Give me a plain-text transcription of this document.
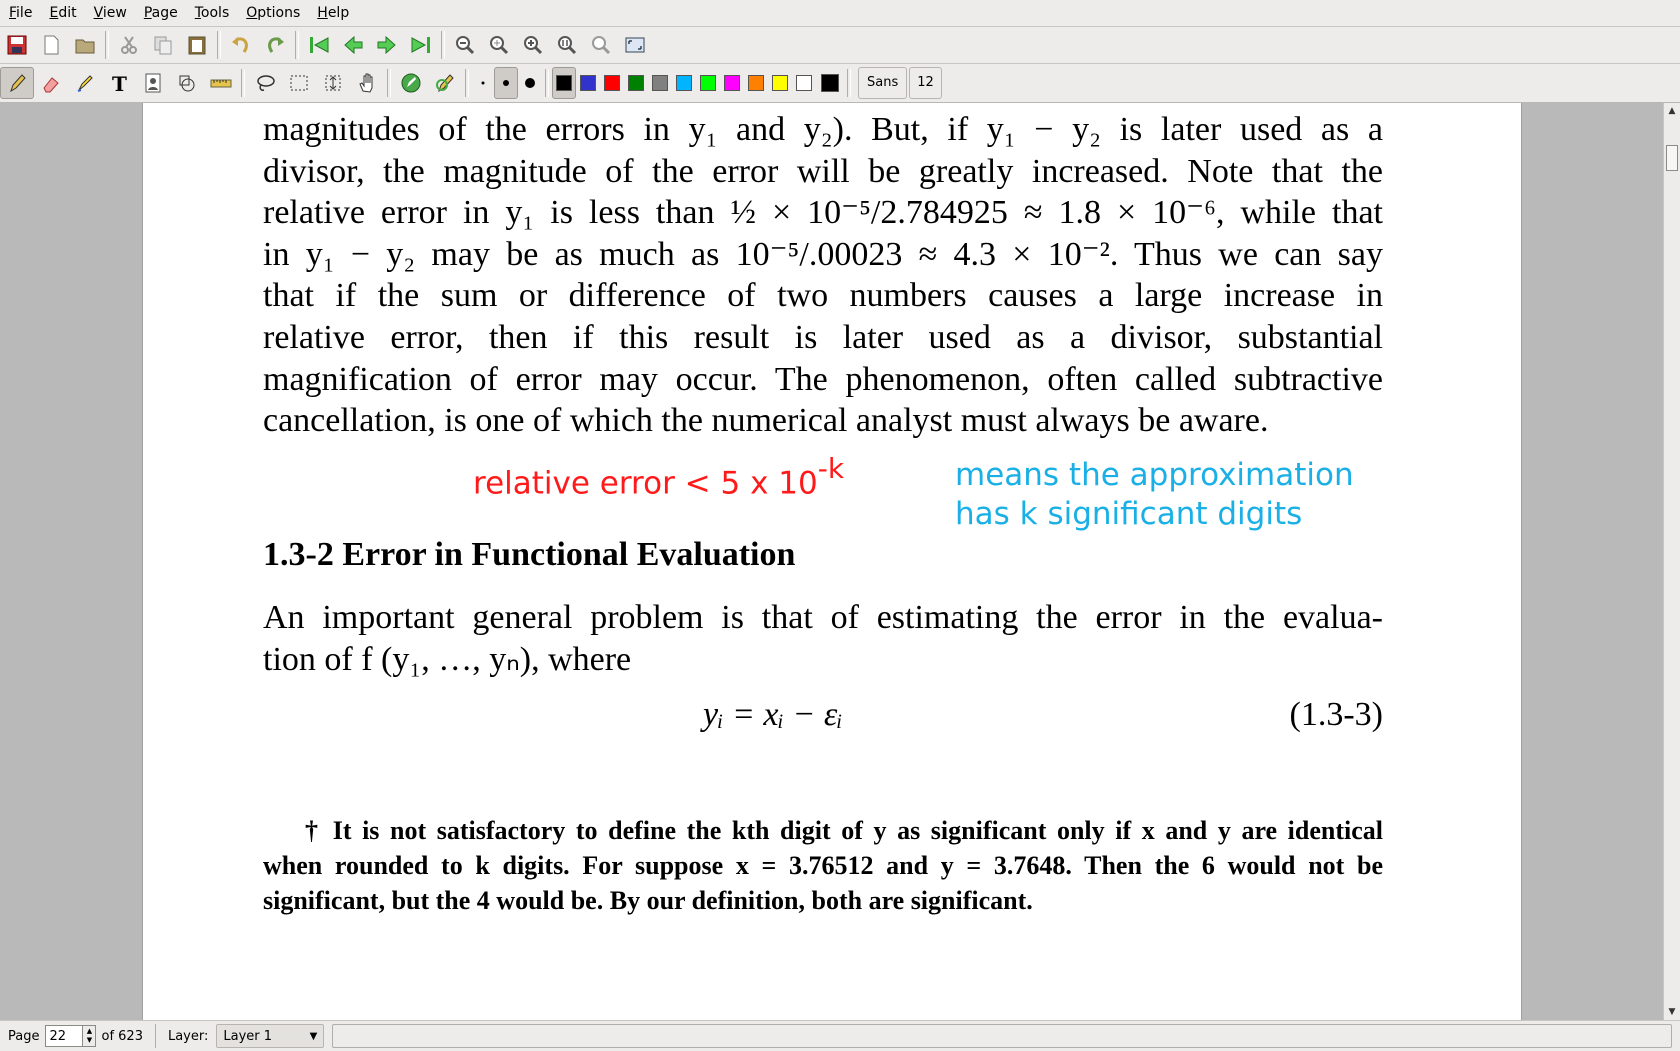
File	Edit	View	Page	Tools	Options	Help
T	Sans	12
magnitudes of the errors in y₁ and y₂). But, if y₁ − y₂ is later used as a
divisor, the magnitude of the error will be greatly increased. Note that the
relative error in y₁ is less than ½ × 10⁻⁵/2.784925 ≈ 1.8 × 10⁻⁶, while that
in y₁ − y₂ may be as much as 10⁻⁵/.00023 ≈ 4.3 × 10⁻². Thus we can say
that if the sum or difference of two numbers causes a large increase in
relative error, then if this result is later used as a divisor, substantial
magnification of error may occur. The phenomenon, often called subtractive
cancellation, is one of which the numerical analyst must always be aware.
relative error < 5 x $10^{-k}$	means the approximation
has k significant digits
1.3-2 Error in Functional Evaluation
An important general problem is that of estimating the error in the evalua-
tion of f (y₁, …, yₙ), where
yᵢ = xᵢ − εᵢ	(1.3-3)
† It is not satisfactory to define the kth digit of y as significant only if x and y are identical
when rounded to k digits. For suppose x = 3.76512 and y = 3.7648. Then the 6 would not be
significant, but the 4 would be. By our definition, both are significant.
▲
▼
Page 22	▲
▼ of 623 Layer: Layer 1	▼
